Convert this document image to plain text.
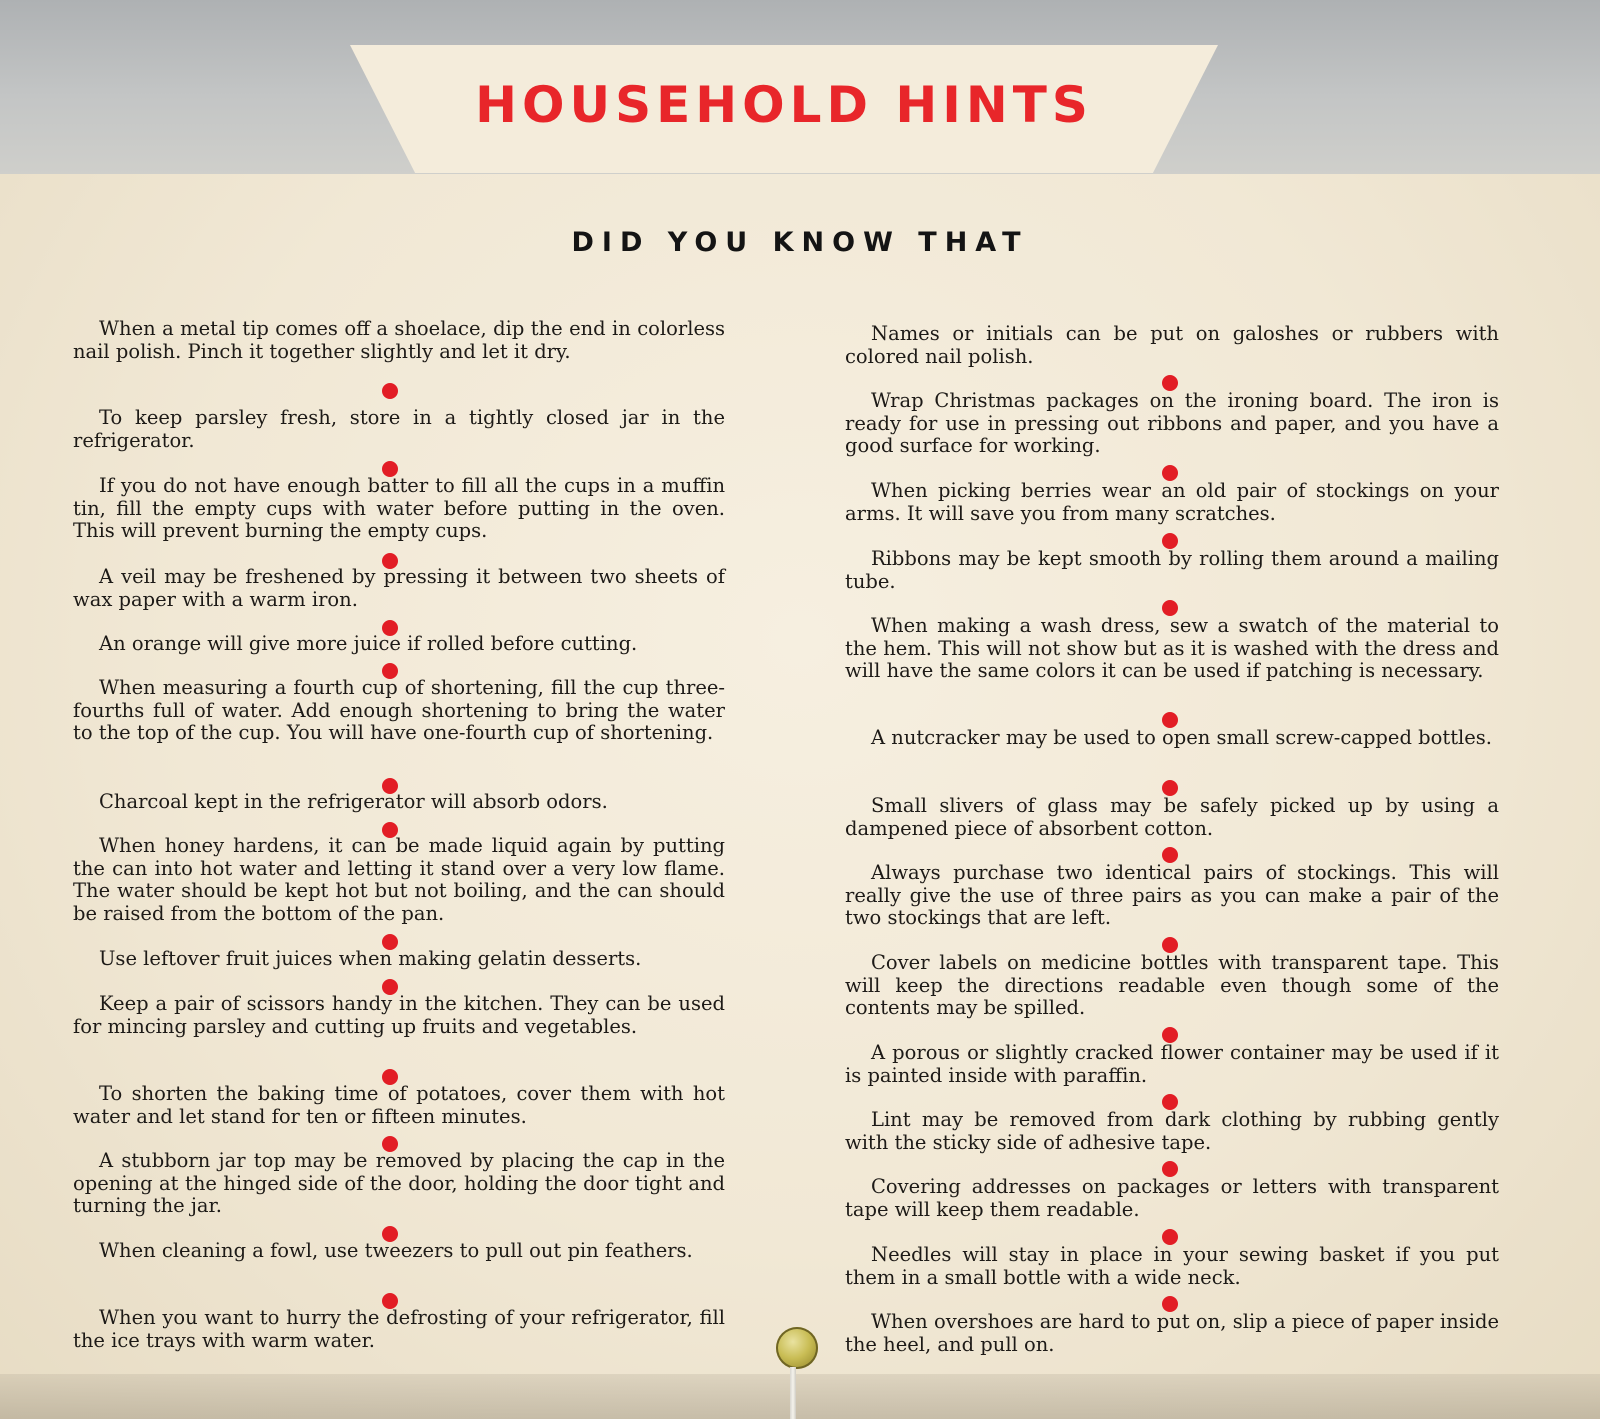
HOUSEHOLD HINTS
DID YOU KNOW THAT

When a metal tip comes off a shoelace, dip the end in colorless nail polish. Pinch it together slightly and let it dry.

To keep parsley fresh, store in a tightly closed jar in the refrigerator.

If you do not have enough batter to fill all the cups in a muffin tin, fill the empty cups with water before putting in the oven. This will prevent burning the empty cups.

A veil may be freshened by pressing it between two sheets of wax paper with a warm iron.

An orange will give more juice if rolled before cutting.

When measuring a fourth cup of shortening, fill the cup three-fourths full of water. Add enough shortening to bring the water to the top of the cup. You will have one-fourth cup of shortening.

Charcoal kept in the refrigerator will absorb odors.

When honey hardens, it can be made liquid again by putting the can into hot water and letting it stand over a very low flame. The water should be kept hot but not boiling, and the can should be raised from the bottom of the pan.

Use leftover fruit juices when making gelatin desserts.

Keep a pair of scissors handy in the kitchen. They can be used for mincing parsley and cutting up fruits and vegetables.

To shorten the baking time of potatoes, cover them with hot water and let stand for ten or fifteen minutes.

A stubborn jar top may be removed by placing the cap in the opening at the hinged side of the door, holding the door tight and turning the jar.

When cleaning a fowl, use tweezers to pull out pin feathers.

When you want to hurry the defrosting of your refrigerator, fill the ice trays with warm water.

Names or initials can be put on galoshes or rubbers with colored nail polish.

Wrap Christmas packages on the ironing board. The iron is ready for use in pressing out ribbons and paper, and you have a good surface for working.

When picking berries wear an old pair of stockings on your arms. It will save you from many scratches.

Ribbons may be kept smooth by rolling them around a mailing tube.

When making a wash dress, sew a swatch of the material to the hem. This will not show but as it is washed with the dress and will have the same colors it can be used if patching is necessary.

A nutcracker may be used to open small screw-capped bottles.

Small slivers of glass may be safely picked up by using a dampened piece of absorbent cotton.

Always purchase two identical pairs of stockings. This will really give the use of three pairs as you can make a pair of the two stockings that are left.

Cover labels on medicine bottles with transparent tape. This will keep the directions readable even though some of the contents may be spilled.

A porous or slightly cracked flower container may be used if it is painted inside with paraffin.

Lint may be removed from dark clothing by rubbing gently with the sticky side of adhesive tape.

Covering addresses on packages or letters with transparent tape will keep them readable.

Needles will stay in place in your sewing basket if you put them in a small bottle with a wide neck.

When overshoes are hard to put on, slip a piece of paper inside the heel, and pull on.
